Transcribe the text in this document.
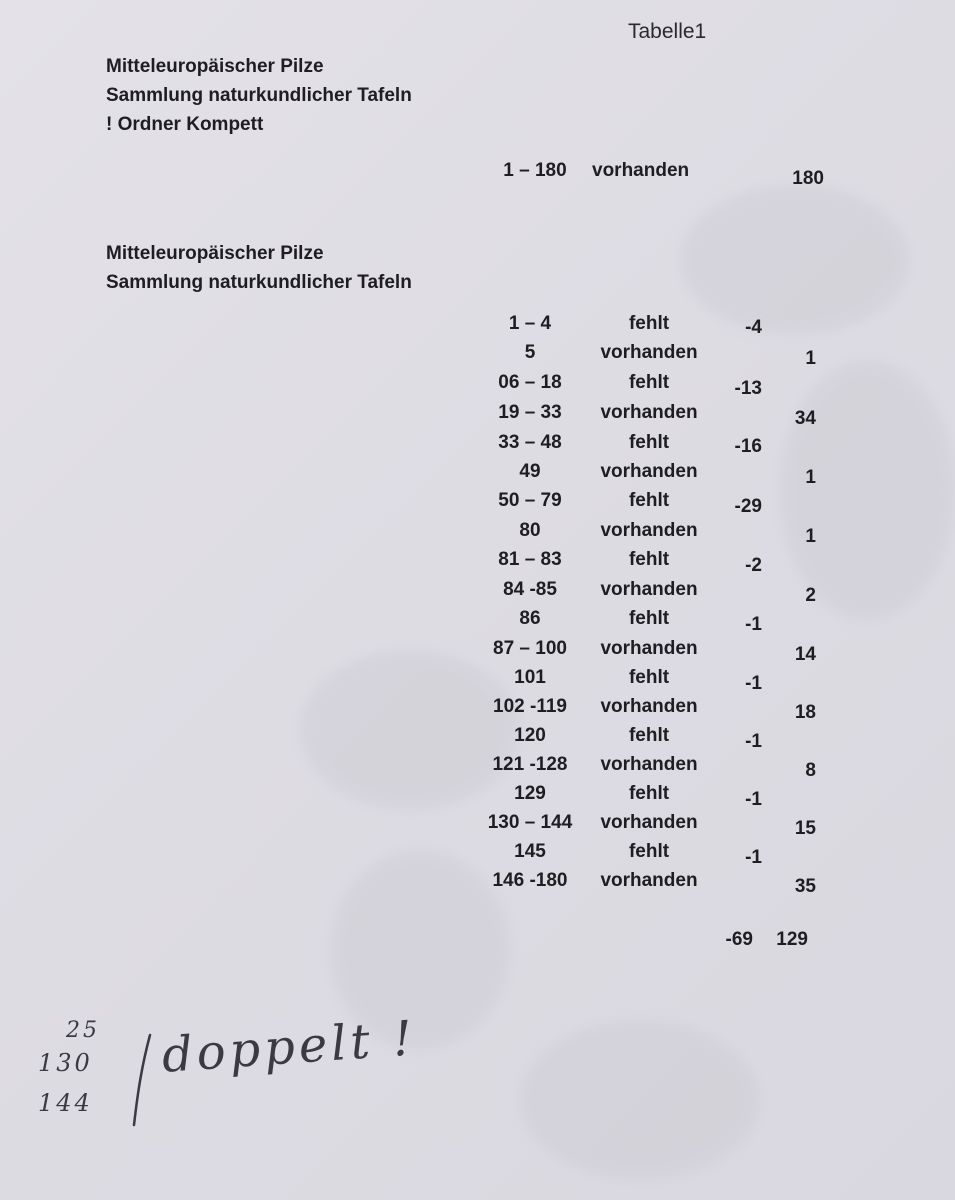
Tabelle1
Mitteleuropäischer Pilze
Sammlung naturkundlicher Tafeln
! Ordner Kompett
1 – 180	vorhanden	180
Mitteleuropäischer Pilze
Sammlung naturkundlicher Tafeln
1 – 4	fehlt	-4
5	vorhanden	1
06 – 18	fehlt	-13
19 – 33	vorhanden	34
33 – 48	fehlt	-16
49	vorhanden	1
50 – 79	fehlt	-29
80	vorhanden	1
81 – 83	fehlt	-2
84 -85	vorhanden	2
86	fehlt	-1
87 – 100	vorhanden	14
101	fehlt	-1
102 -119	vorhanden	18
120	fehlt	-1
121 -128	vorhanden	8
129	fehlt	-1
130 – 144	vorhanden	15
145	fehlt	-1
146 -180	vorhanden	35
-69	129
25
130
144
doppelt !
